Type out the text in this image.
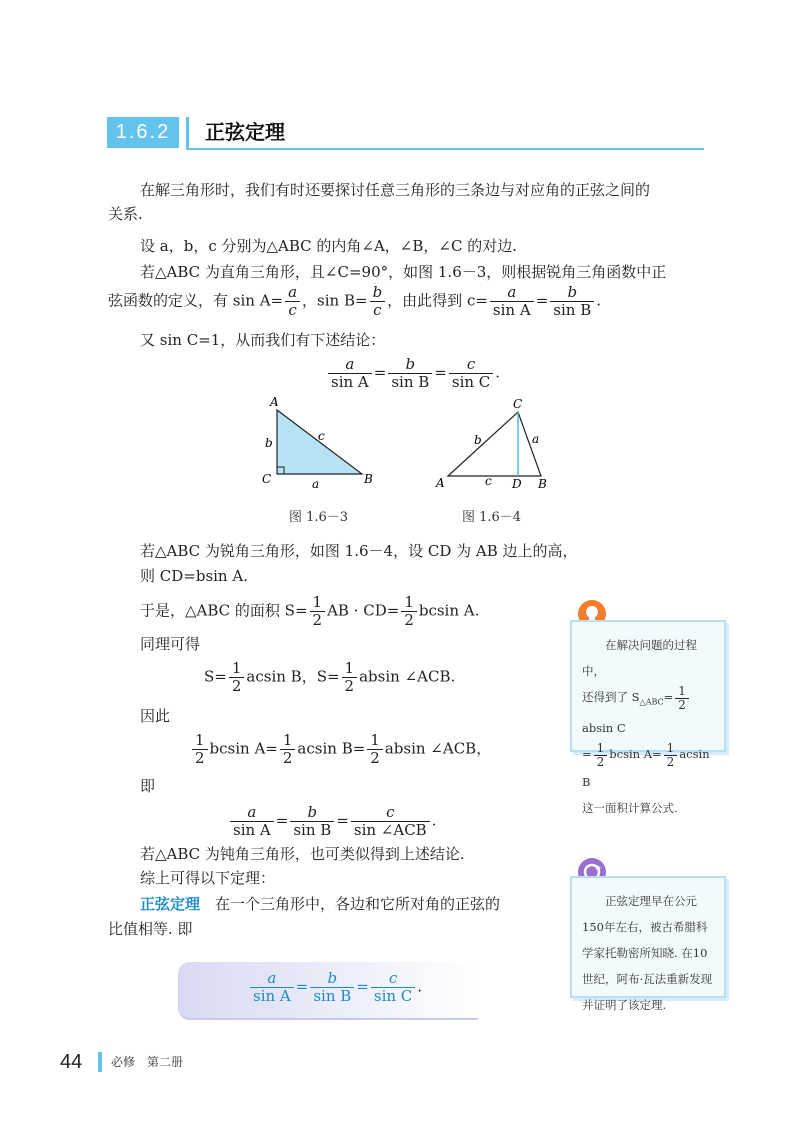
1.6.2	正弦定理
在解三角形时，我们有时还要探讨任意三角形的三条边与对应角的正弦之间的
关系.
设 a，b，c 分别为△ABC 的内角∠A，∠B，∠C 的对边.
若△ABC 为直角三角形，且∠C=90°，如图 1.6－3，则根据锐角三角函数中正
弦函数的定义，有 $\sin A= \frac{a}{c}$ ，$\sin B= \frac{b}{c}$ ，由此得到 $c= \frac{a}{\text{sin A}} = \frac{b}{\text{sin B}}$ .
又 sin C=1，从而我们有下述结论：
$\frac{a}{\text{sin A}} = \frac{b}{\text{sin B}} = \frac{c}{\text{sin C}}$ .
A
C	B
b	c
a
图 1.6－3
C
A	D B
b	a
c
图 1.6－4
若△ABC 为锐角三角形，如图 1.6－4，设 CD 为 AB 边上的高，
则 CD=bsin A.
于是，△ABC 的面积 $S= \frac{1}{2}$ AB · $CD= \frac{1}{2}$ bcsin A.
同理可得
$S= \frac{1}{2}$ acsin B，$S= \frac{1}{2}$ absin ∠ACB.
因此
$\frac{1}{2}$ bcsin $A= \frac{1}{2}$ acsin $B= \frac{1}{2}$ absin ∠ACB，
即
$\frac{a}{\text{sin A}} = \frac{b}{\text{sin B}} = \frac{c}{\text{sin ∠ACB}}$ .
若△ABC 为钝角三角形，也可类似得到上述结论.
综上可得以下定理：
正弦定理　 在一个三角形中，各边和它所对角的正弦的
比值相等. 即
$\frac{a}{\text{sin A}} = \frac{b}{\text{sin B}} = \frac{c}{\text{sin C}}$ .
在解决问题的过程中，
还得到了 $S_{\triangle ABC}= \frac{1}{2}$
absin C
= $\frac{1}{2}$ bcsin $A= \frac{1}{2}$ acsin B
这一面积计算公式.
正弦定理早在公元150年左右，被古希腊科学家托勒密所知晓. 在10世纪，阿布·瓦法重新发现并证明了该定理.
44 必修　第二册
